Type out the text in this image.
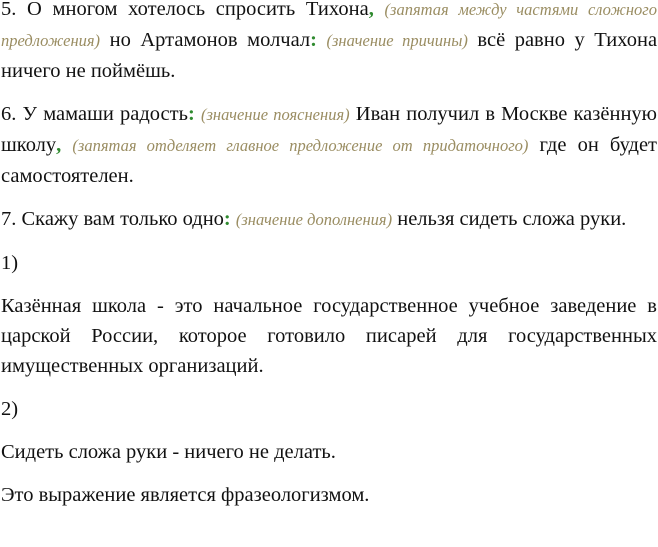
5. О многом хотелось спросить Тихона, (запятая между частями сложного предложения) но Артамонов молчал: (значение причины) всё равно у Тихона ничего не поймёшь.

6. У мамаши радость: (значение пояснения) Иван получил в Москве казённую школу, (запятая отделяет главное предложение от придаточного) где он будет самостоятелен.

7. Скажу вам только одно: (значение дополнения) нельзя сидеть сложа руки.

1)

Казённая школа - это начальное государственное учебное заведение в царской России, которое готовило писарей для государственных имущественных организаций.

2)

Сидеть сложа руки - ничего не делать.

Это выражение является фразеологизмом.
